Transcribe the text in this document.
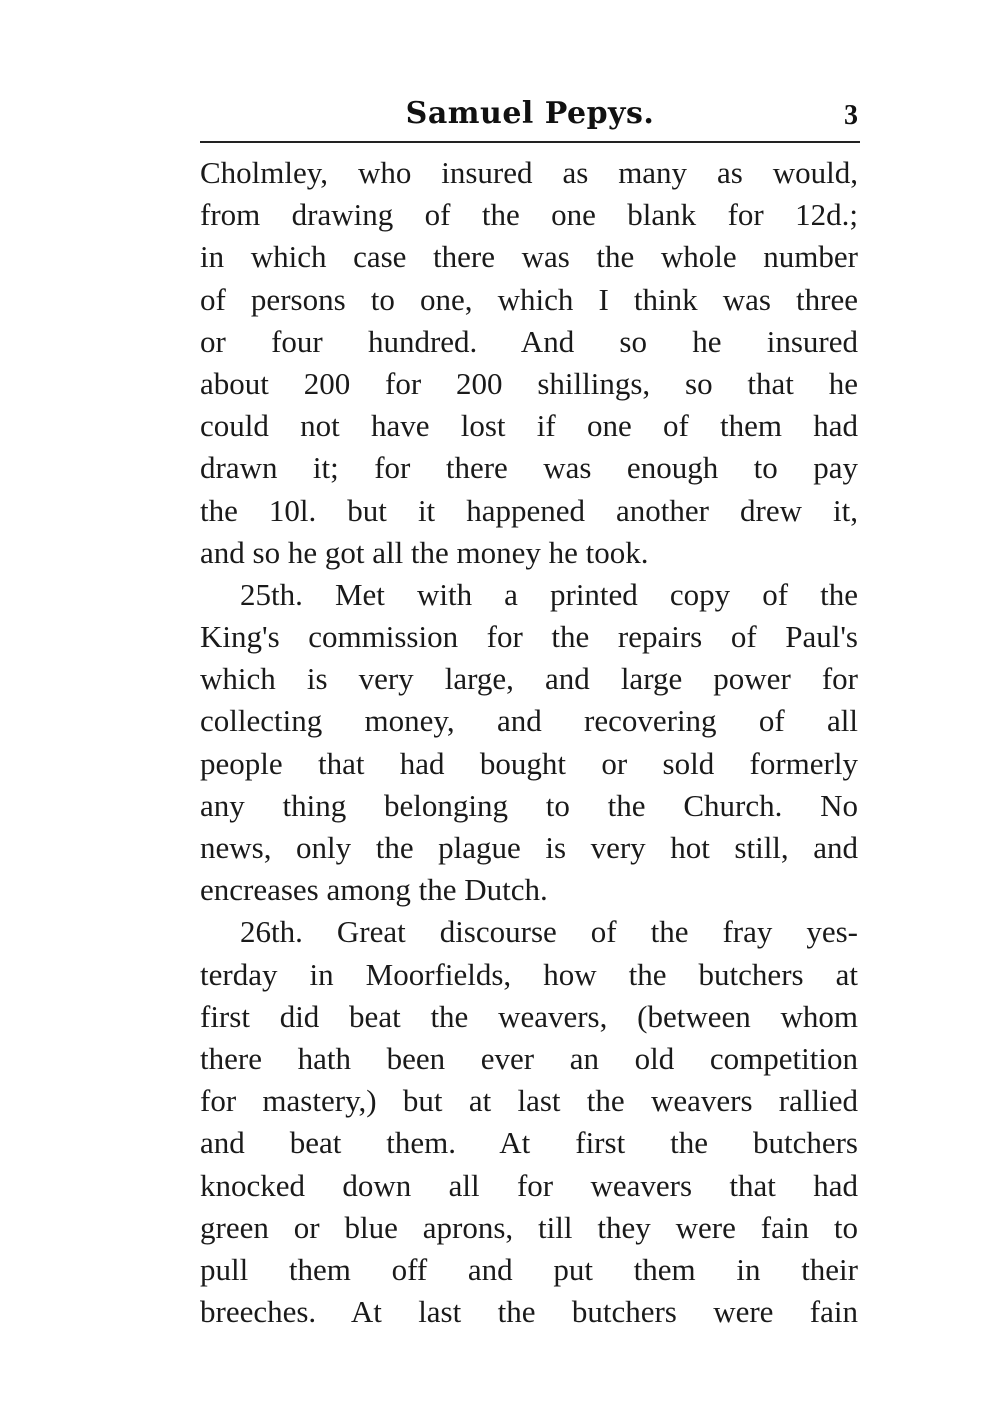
Samuel Pepys.	3
Cholmley, who insured as many as would,
from drawing of the one blank for 12d.;
in which case there was the whole number
of persons to one, which I think was three
or four hundred. And so he insured
about 200 for 200 shillings, so that he
could not have lost if one of them had
drawn it; for there was enough to pay
the 10l. but it happened another drew it,
and so he got all the money he took.
25th. Met with a printed copy of the
King's commission for the repairs of Paul's
which is very large, and large power for
collecting money, and recovering of all
people that had bought or sold formerly
any thing belonging to the Church. No
news, only the plague is very hot still, and
encreases among the Dutch.
26th. Great discourse of the fray yes-
terday in Moorfields, how the butchers at
first did beat the weavers, (between whom
there hath been ever an old competition
for mastery,) but at last the weavers rallied
and beat them. At first the butchers
knocked down all for weavers that had
green or blue aprons, till they were fain to
pull them off and put them in their
breeches. At last the butchers were fain
